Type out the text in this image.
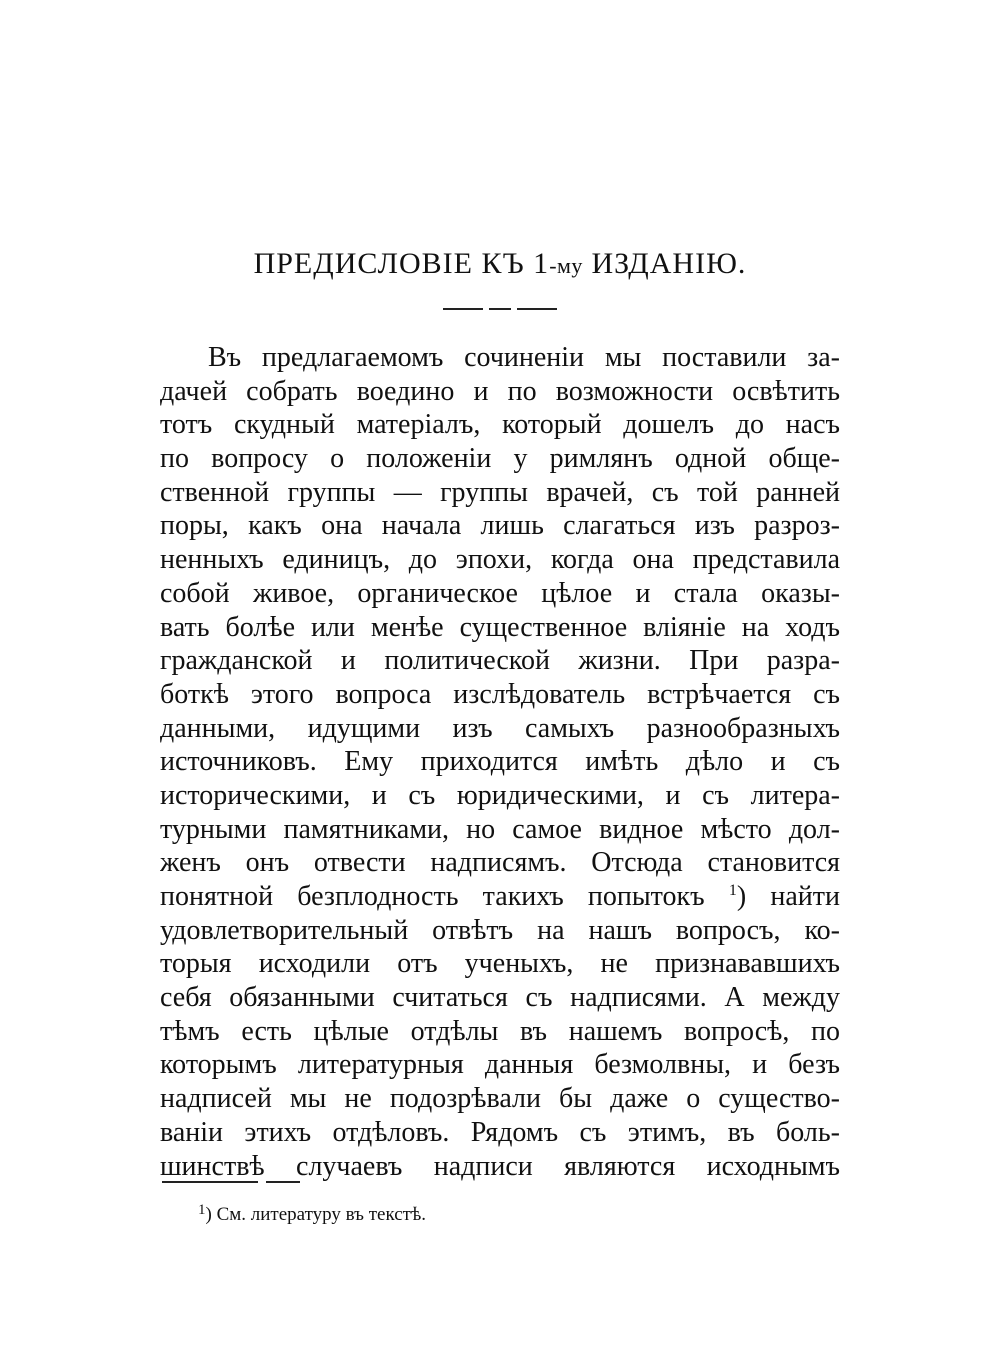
ПРЕДИСЛОВІЕ КЪ 1-му ИЗДАНІЮ.
Въ предлагаемомъ сочиненіи мы поставили за-
дачей собрать воедино и по возможности освѣтить
тотъ скудный матеріалъ, который дошелъ до насъ
по вопросу о положеніи у римлянъ одной обще-
ственной группы — группы врачей, съ той ранней
поры, какъ она начала лишь слагаться изъ разроз-
ненныхъ единицъ, до эпохи, когда она представила
собой живое, органическое цѣлое и стала оказы-
вать болѣе или менѣе существенное вліяніе на ходъ
гражданской и политической жизни. При разра-
боткѣ этого вопроса изслѣдователь встрѣчается съ
данными, идущими изъ самыхъ разнообразныхъ
источниковъ. Ему приходится имѣть дѣло и съ
историческими, и съ юридическими, и съ литера-
турными памятниками, но самое видное мѣсто дол-
женъ онъ отвести надписямъ. Отсюда становится
понятной безплодность такихъ попытокъ $^1$) найти
удовлетворительный отвѣтъ на нашъ вопросъ, ко-
торыя исходили отъ ученыхъ, не признававшихъ
себя обязанными считаться съ надписями. А между
тѣмъ есть цѣлые отдѣлы въ нашемъ вопросѣ, по
которымъ литературныя данныя безмолвны, и безъ
надписей мы не подозрѣвали бы даже о существо-
ваніи этихъ отдѣловъ. Рядомъ съ этимъ, въ боль-
шинствѣ случаевъ надписи являются исходнымъ
$^1$) См. литературу въ текстѣ.
